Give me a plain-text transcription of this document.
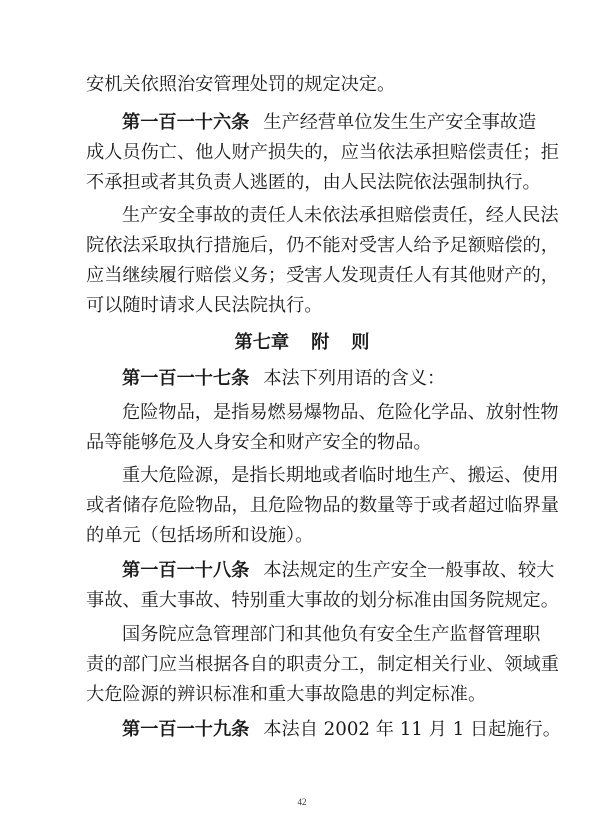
安机关依照治安管理处罚的规定决定。
第一百一十六条 生产经营单位发生生产安全事故造
成人员伤亡、他人财产损失的，应当依法承担赔偿责任；拒
不承担或者其负责人逃匿的，由人民法院依法强制执行。
生产安全事故的责任人未依法承担赔偿责任，经人民法
院依法采取执行措施后，仍不能对受害人给予足额赔偿的，
应当继续履行赔偿义务；受害人发现责任人有其他财产的，
可以随时请求人民法院执行。
第七章 附 则
第一百一十七条 本法下列用语的含义：
危险物品，是指易燃易爆物品、危险化学品、放射性物
品等能够危及人身安全和财产安全的物品。
重大危险源，是指长期地或者临时地生产、搬运、使用
或者储存危险物品，且危险物品的数量等于或者超过临界量
的单元（包括场所和设施）。
第一百一十八条 本法规定的生产安全一般事故、较大
事故、重大事故、特别重大事故的划分标准由国务院规定。
国务院应急管理部门和其他负有安全生产监督管理职
责的部门应当根据各自的职责分工，制定相关行业、领域重
大危险源的辨识标准和重大事故隐患的判定标准。
第一百一十九条 本法自 2002 年 11 月 1 日起施行。
42
